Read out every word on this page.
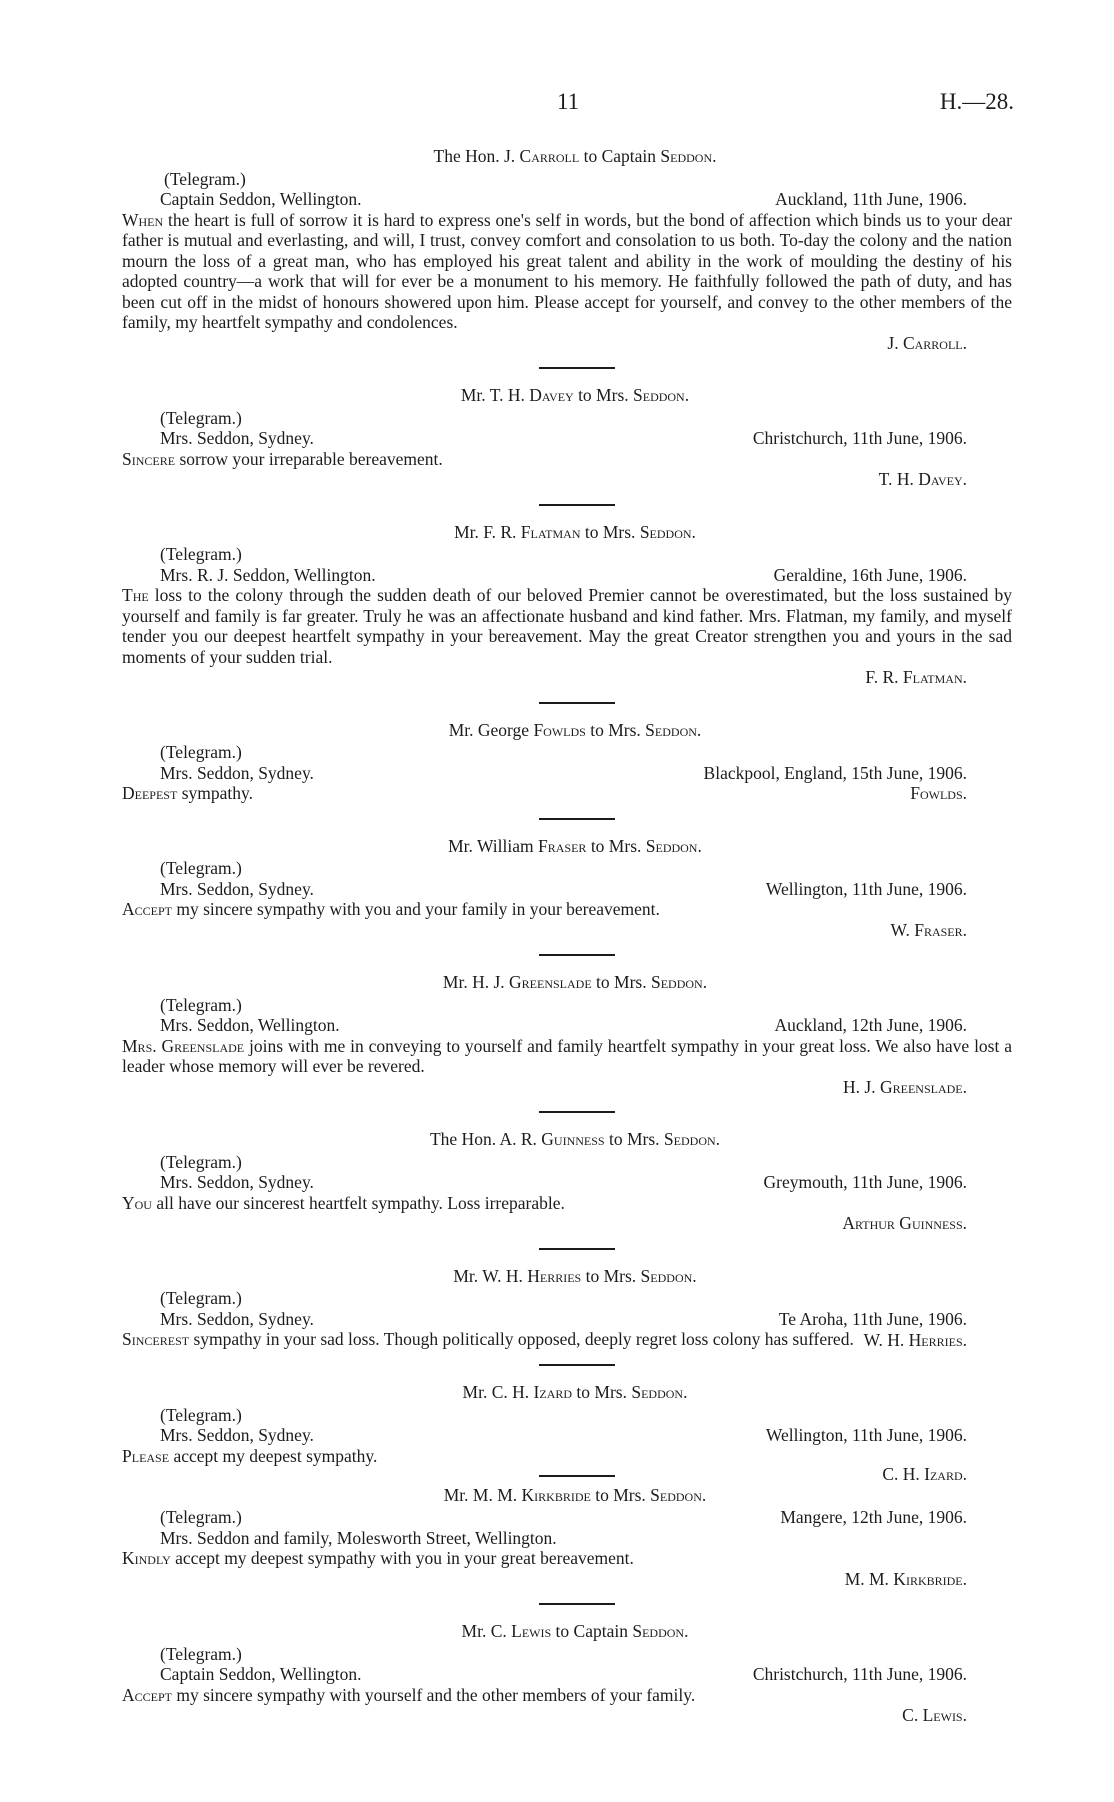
11	H.—28.
The Hon. J. Carroll to Captain Seddon.
(Telegram.)
Captain Seddon, Wellington.	Auckland, 11th June, 1906.

When the heart is full of sorrow it is hard to express one's self in words, but the bond of affection which binds us to your dear father is mutual and everlasting, and will, I trust, convey comfort and consolation to us both. To-day the colony and the nation mourn the loss of a great man, who has employed his great talent and ability in the work of moulding the destiny of his adopted country—a work that will for ever be a monument to his memory. He faithfully followed the path of duty, and has been cut off in the midst of honours showered upon him. Please accept for yourself, and convey to the other members of the family, my heartfelt sympathy and condolences.

J. Carroll.
Mr. T. H. Davey to Mrs. Seddon.
(Telegram.)
Mrs. Seddon, Sydney.	Christchurch, 11th June, 1906.

Sincere sorrow your irreparable bereavement.

T. H. Davey.
Mr. F. R. Flatman to Mrs. Seddon.
(Telegram.)
Mrs. R. J. Seddon, Wellington.	Geraldine, 16th June, 1906.

The loss to the colony through the sudden death of our beloved Premier cannot be overestimated, but the loss sustained by yourself and family is far greater. Truly he was an affectionate husband and kind father. Mrs. Flatman, my family, and myself tender you our deepest heartfelt sympathy in your bereavement. May the great Creator strengthen you and yours in the sad moments of your sudden trial.

F. R. Flatman.
Mr. George Fowlds to Mrs. Seddon.
(Telegram.)
Mrs. Seddon, Sydney.	Blackpool, England, 15th June, 1906.
Deepest sympathy.	Fowlds.
Mr. William Fraser to Mrs. Seddon.
(Telegram.)
Mrs. Seddon, Sydney.	Wellington, 11th June, 1906.

Accept my sincere sympathy with you and your family in your bereavement.

W. Fraser.
Mr. H. J. Greenslade to Mrs. Seddon.
(Telegram.)
Mrs. Seddon, Wellington.	Auckland, 12th June, 1906.

Mrs. Greenslade joins with me in conveying to yourself and family heartfelt sympathy in your great loss. We also have lost a leader whose memory will ever be revered.

H. J. Greenslade.
The Hon. A. R. Guinness to Mrs. Seddon.
(Telegram.)
Mrs. Seddon, Sydney.	Greymouth, 11th June, 1906.

You all have our sincerest heartfelt sympathy. Loss irreparable.

Arthur Guinness.
Mr. W. H. Herries to Mrs. Seddon.
(Telegram.)
Mrs. Seddon, Sydney.	Te Aroha, 11th June, 1906.

Sincerest sympathy in your sad loss. Though politically opposed, deeply regret loss colony has suffered. W. H. Herries.
Mr. C. H. Izard to Mrs. Seddon.
(Telegram.)
Mrs. Seddon, Sydney.	Wellington, 11th June, 1906.

Please accept my deepest sympathy.

C. H. Izard.
Mr. M. M. Kirkbride to Mrs. Seddon.
(Telegram.)	Mangere, 12th June, 1906.
Mrs. Seddon and family, Molesworth Street, Wellington.

Kindly accept my deepest sympathy with you in your great bereavement.

M. M. Kirkbride.
Mr. C. Lewis to Captain Seddon.
(Telegram.)
Captain Seddon, Wellington.	Christchurch, 11th June, 1906.

Accept my sincere sympathy with yourself and the other members of your family.

C. Lewis.
